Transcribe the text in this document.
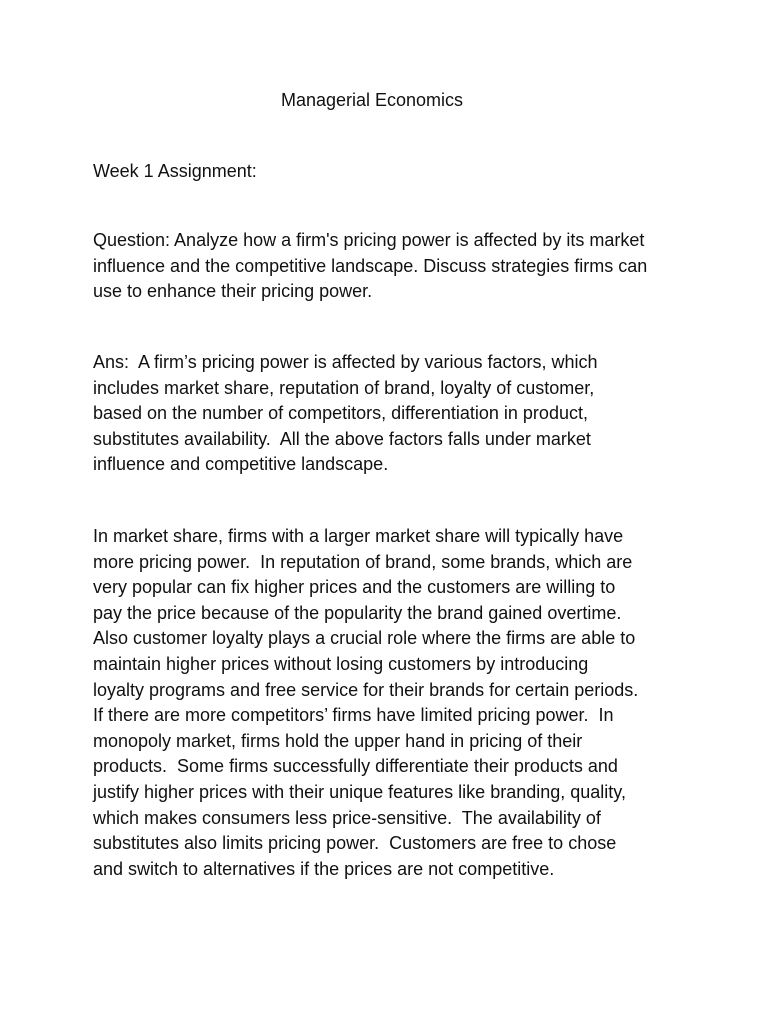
Managerial Economics

Week 1 Assignment:

Question: Analyze how a firm's pricing power is affected by its market
influence and the competitive landscape. Discuss strategies firms can
use to enhance their pricing power.

Ans:  A firm’s pricing power is affected by various factors, which
includes market share, reputation of brand, loyalty of customer,
based on the number of competitors, differentiation in product,
substitutes availability.  All the above factors falls under market
influence and competitive landscape.

In market share, firms with a larger market share will typically have
more pricing power.  In reputation of brand, some brands, which are
very popular can fix higher prices and the customers are willing to
pay the price because of the popularity the brand gained overtime.
Also customer loyalty plays a crucial role where the firms are able to
maintain higher prices without losing customers by introducing
loyalty programs and free service for their brands for certain periods.
If there are more competitors’ firms have limited pricing power.  In
monopoly market, firms hold the upper hand in pricing of their
products.  Some firms successfully differentiate their products and
justify higher prices with their unique features like branding, quality,
which makes consumers less price-sensitive.  The availability of
substitutes also limits pricing power.  Customers are free to chose
and switch to alternatives if the prices are not competitive.
